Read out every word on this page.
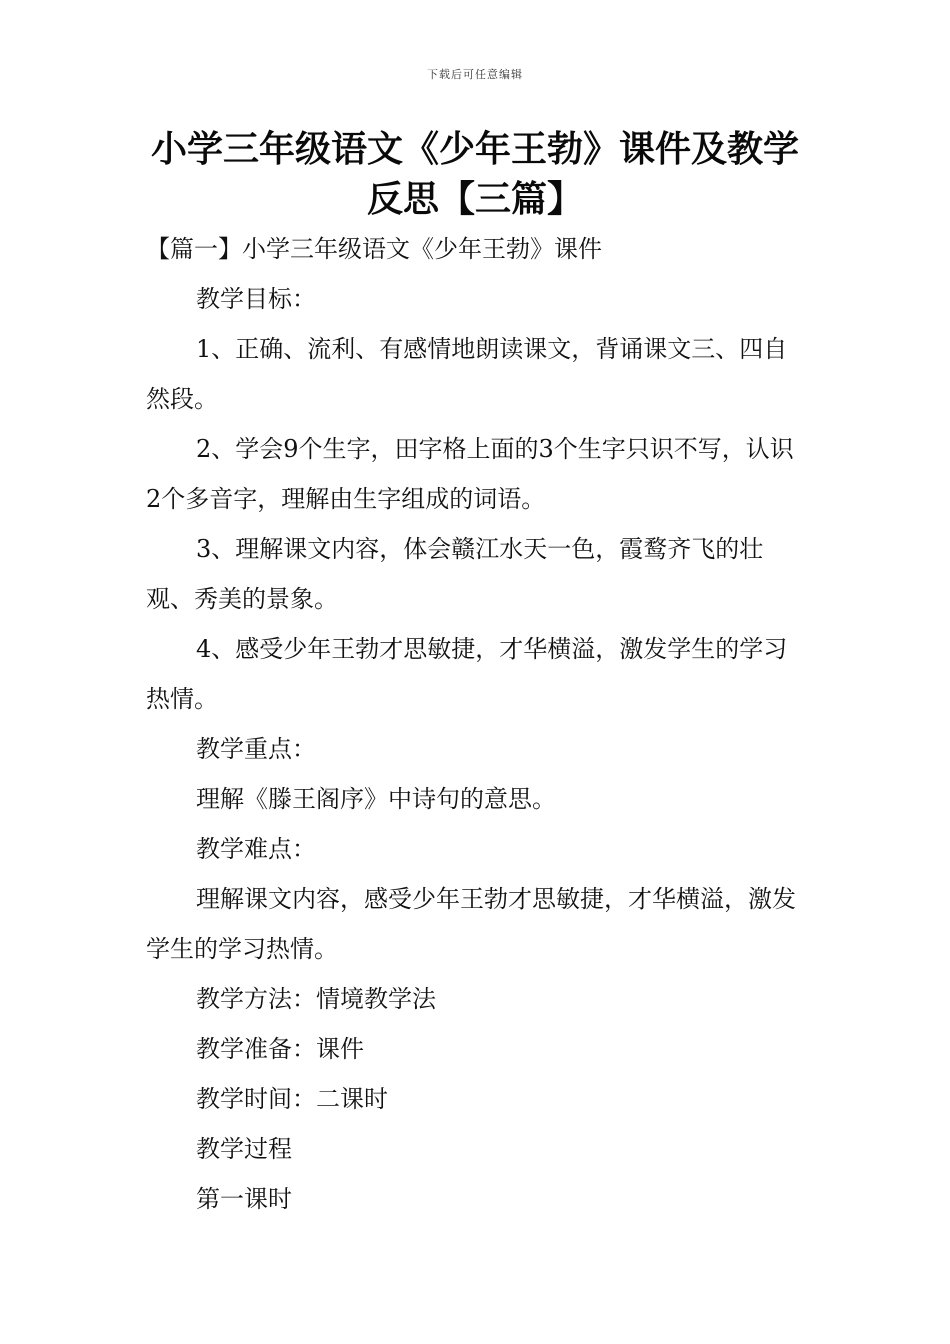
下载后可任意编辑
小学三年级语文《少年王勃》课件及教学
反思【三篇】

【篇一】小学三年级语文《少年王勃》课件

教学目标：

1、正确、流利、有感情地朗读课文，背诵课文三、四自然段。

2、学会9个生字，田字格上面的3个生字只识不写，认识2个多音字，理解由生字组成的词语。

3、理解课文内容，体会赣江水天一色，霞鹜齐飞的壮观、秀美的景象。

4、感受少年王勃才思敏捷，才华横溢，激发学生的学习热情。

教学重点：

理解《滕王阁序》中诗句的意思。

教学难点：

理解课文内容，感受少年王勃才思敏捷，才华横溢，激发学生的学习热情。

教学方法：情境教学法

教学准备：课件

教学时间：二课时

教学过程

第一课时
